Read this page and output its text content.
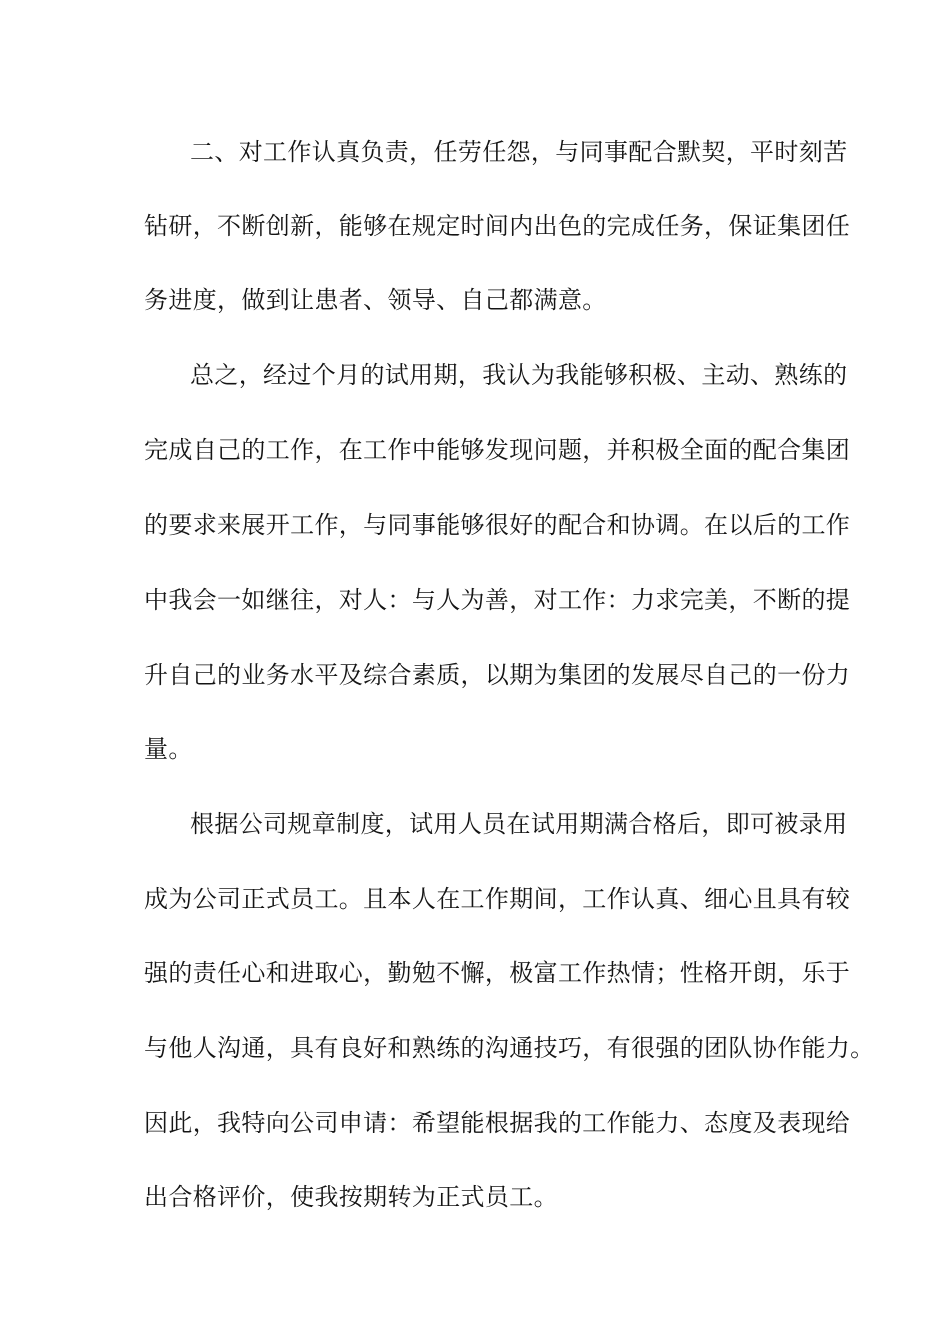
二、对工作认真负责，任劳任怨，与同事配合默契，平时刻苦
钻研，不断创新，能够在规定时间内出色的完成任务，保证集团任
务进度，做到让患者、领导、自己都满意。
总之，经过个月的试用期，我认为我能够积极、主动、熟练的
完成自己的工作，在工作中能够发现问题，并积极全面的配合集团
的要求来展开工作，与同事能够很好的配合和协调。在以后的工作
中我会一如继往，对人：与人为善，对工作：力求完美，不断的提
升自己的业务水平及综合素质，以期为集团的发展尽自己的一份力
量。
根据公司规章制度，试用人员在试用期满合格后，即可被录用
成为公司正式员工。且本人在工作期间，工作认真、细心且具有较
强的责任心和进取心，勤勉不懈，极富工作热情；性格开朗，乐于
与他人沟通，具有良好和熟练的沟通技巧，有很强的团队协作能力。
因此，我特向公司申请：希望能根据我的工作能力、态度及表现给
出合格评价，使我按期转为正式员工。
